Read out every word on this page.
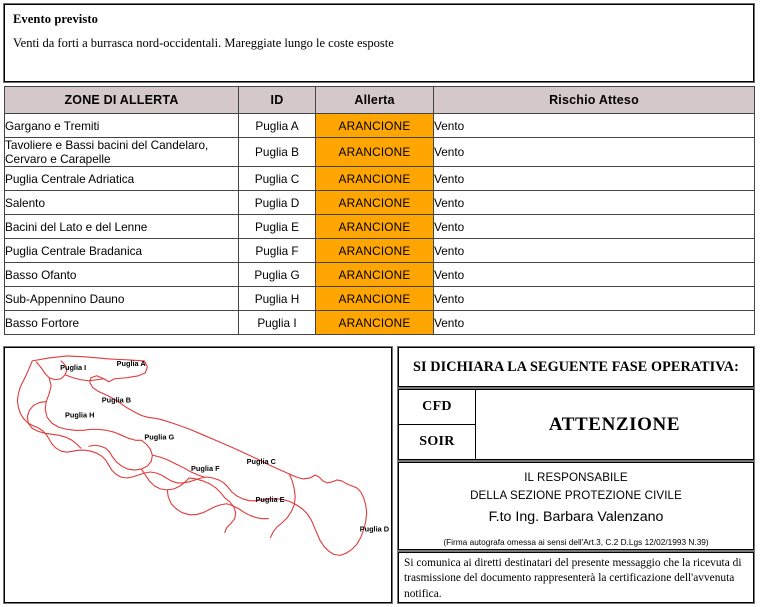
Evento previsto
Venti da forti a burrasca nord-occidentali. Mareggiate lungo le coste esposte
ZONE DI ALLERTA	ID	Allerta	Rischio Atteso
Gargano e Tremiti	Puglia A	ARANCIONE	Vento
Tavoliere e Bassi bacini del Candelaro, Cervaro e Carapelle	Puglia B	ARANCIONE	Vento
Puglia Centrale Adriatica	Puglia C	ARANCIONE	Vento
Salento	Puglia D	ARANCIONE	Vento
Bacini del Lato e del Lenne	Puglia E	ARANCIONE	Vento
Puglia Centrale Bradanica	Puglia F	ARANCIONE	Vento
Basso Ofanto	Puglia G	ARANCIONE	Vento
Sub-Appennino Dauno	Puglia H	ARANCIONE	Vento
Basso Fortore	Puglia I	ARANCIONE	Vento
Puglia I	Puglia A
Puglia B
Puglia H
Puglia G
Puglia C
Puglia F
Puglia E
Puglia D
SI DICHIARA LA SEGUENTE FASE OPERATIVA:
CFD
SOIR
ATTENZIONE
IL RESPONSABILE
DELLA SEZIONE PROTEZIONE CIVILE
F.to Ing. Barbara Valenzano
(Firma autografa omessa ai sensi dell'Art.3, C.2 D.Lgs 12/02/1993 N.39)
Si comunica ai diretti destinatari del presente messaggio che la ricevuta di trasmissione del documento rappresenterà la certificazione dell'avvenuta notifica.
